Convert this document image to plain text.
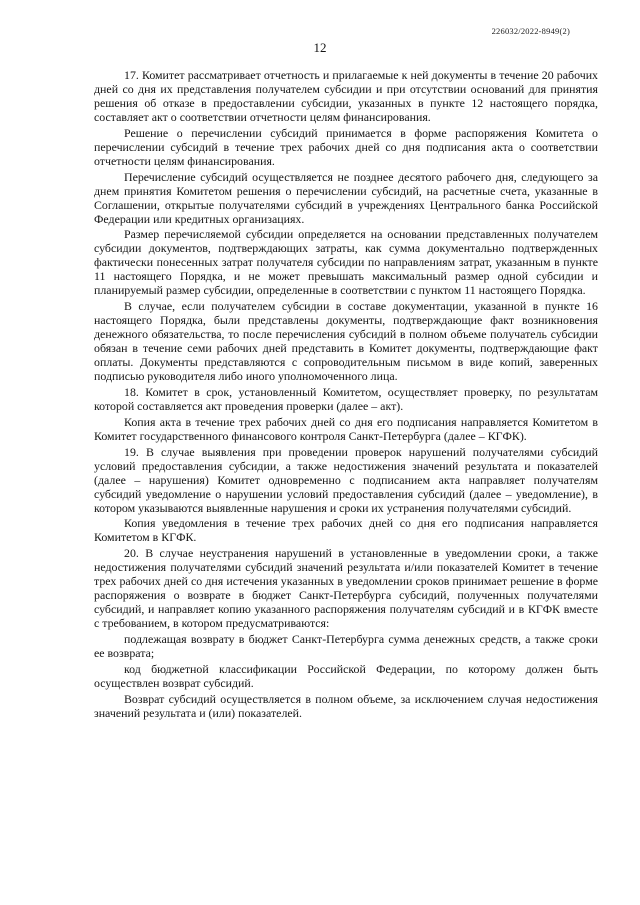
226032/2022-8949(2)
12

17. Комитет рассматривает отчетность и прилагаемые к ней документы в течение 20 рабочих дней со дня их представления получателем субсидии и при отсутствии оснований для принятия решения об отказе в предоставлении субсидии, указанных в пункте 12 настоящего порядка, составляет акт о соответствии отчетности целям финансирования.

Решение о перечислении субсидий принимается в форме распоряжения Комитета о перечислении субсидий в течение трех рабочих дней со дня подписания акта о соответствии отчетности целям финансирования.

Перечисление субсидий осуществляется не позднее десятого рабочего дня, следующего за днем принятия Комитетом решения о перечислении субсидий, на расчетные счета, указанные в Соглашении, открытые получателями субсидий в учреждениях Центрального банка Российской Федерации или кредитных организациях.

Размер перечисляемой субсидии определяется на основании представленных получателем субсидии документов, подтверждающих затраты, как сумма документально подтвержденных фактически понесенных затрат получателя субсидии по направлениям затрат, указанным в пункте 11 настоящего Порядка, и не может превышать максимальный размер одной субсидии и планируемый размер субсидии, определенные в соответствии с пунктом 11 настоящего Порядка.

В случае, если получателем субсидии в составе документации, указанной в пункте 16 настоящего Порядка, были представлены документы, подтверждающие факт возникновения денежного обязательства, то после перечисления субсидий в полном объеме получатель субсидии обязан в течение семи рабочих дней представить в Комитет документы, подтверждающие факт оплаты. Документы представляются с сопроводительным письмом в виде копий, заверенных подписью руководителя либо иного уполномоченного лица.

18. Комитет в срок, установленный Комитетом, осуществляет проверку, по результатам которой составляется акт проведения проверки (далее – акт).

Копия акта в течение трех рабочих дней со дня его подписания направляется Комитетом в Комитет государственного финансового контроля Санкт-Петербурга (далее – КГФК).

19. В случае выявления при проведении проверок нарушений получателями субсидий условий предоставления субсидии, а также недостижения значений результата и показателей (далее – нарушения) Комитет одновременно с подписанием акта направляет получателям субсидий уведомление о нарушении условий предоставления субсидий (далее – уведомление), в котором указываются выявленные нарушения и сроки их устранения получателями субсидий.

Копия уведомления в течение трех рабочих дней со дня его подписания направляется Комитетом в КГФК.

20. В случае неустранения нарушений в установленные в уведомлении сроки, а также недостижения получателями субсидий значений результата и/или показателей Комитет в течение трех рабочих дней со дня истечения указанных в уведомлении сроков принимает решение в форме распоряжения о возврате в бюджет Санкт-Петербурга субсидий, полученных получателями субсидий, и направляет копию указанного распоряжения получателям субсидий и в КГФК вместе с требованием, в котором предусматриваются:

подлежащая возврату в бюджет Санкт-Петербурга сумма денежных средств, а также сроки ее возврата;

код бюджетной классификации Российской Федерации, по которому должен быть осуществлен возврат субсидий.

Возврат субсидий осуществляется в полном объеме, за исключением случая недостижения значений результата и (или) показателей.
